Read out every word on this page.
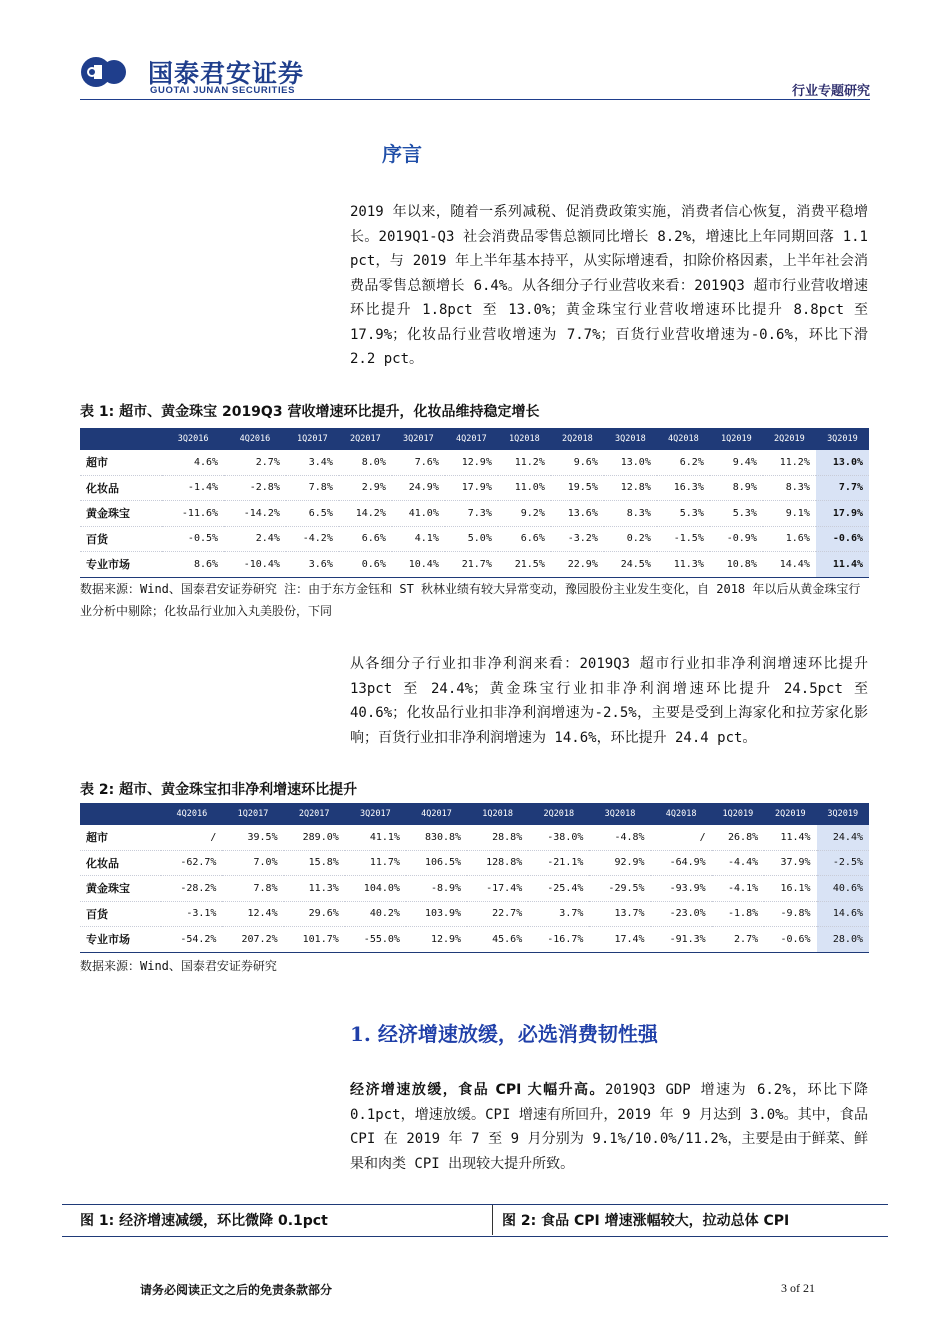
国泰君安证券
GUOTAI JUNAN SECURITIES	行业专题研究
序言
2019 年以来，随着一系列减税、促消费政策实施，消费者信心恢复，消费平稳增长。2019Q1-Q3 社会消费品零售总额同比增长 8.2%，增速比上年同期回落 1.1 pct，与 2019 年上半年基本持平，从实际增速看，扣除价格因素，上半年社会消费品零售总额增长 6.4%。从各细分子行业营收来看：2019Q3 超市行业营收增速环比提升 1.8pct 至 13.0%；黄金珠宝行业营收增速环比提升 8.8pct 至 17.9%；化妆品行业营收增速为 7.7%；百货行业营收增速为-0.6%，环比下滑 2.2 pct。
表 1: 超市、黄金珠宝 2019Q3 营收增速环比提升，化妆品维持稳定增长
	3Q2016	4Q2016	1Q2017	2Q2017	3Q2017	4Q2017	1Q2018	2Q2018	3Q2018	4Q2018	1Q2019	2Q2019	3Q2019
超市	4.6%	2.7%	3.4%	8.0%	7.6%	12.9%	11.2%	9.6%	13.0%	6.2%	9.4%	11.2%	13.0%
化妆品	-1.4%	-2.8%	7.8%	2.9%	24.9%	17.9%	11.0%	19.5%	12.8%	16.3%	8.9%	8.3%	7.7%
黄金珠宝	-11.6%	-14.2%	6.5%	14.2%	41.0%	7.3%	9.2%	13.6%	8.3%	5.3%	5.3%	9.1%	17.9%
百货	-0.5%	2.4%	-4.2%	6.6%	4.1%	5.0%	6.6%	-3.2%	0.2%	-1.5%	-0.9%	1.6%	-0.6%
专业市场	8.6%	-10.4%	3.6%	0.6%	10.4%	21.7%	21.5%	22.9%	24.5%	11.3%	10.8%	14.4%	11.4%
数据来源：Wind、国泰君安证券研究 注：由于东方金钰和 ST 秋林业绩有较大异常变动，豫园股份主业发生变化，自 2018 年以后从黄金珠宝行业分析中剔除；化妆品行业加入丸美股份，下同
从各细分子行业扣非净利润来看：2019Q3 超市行业扣非净利润增速环比提升 13pct 至 24.4%；黄金珠宝行业扣非净利润增速环比提升 24.5pct 至 40.6%；化妆品行业扣非净利润增速为-2.5%，主要是受到上海家化和拉芳家化影响；百货行业扣非净利润增速为 14.6%，环比提升 24.4 pct。
表 2: 超市、黄金珠宝扣非净利增速环比提升
	4Q2016	1Q2017	2Q2017	3Q2017	4Q2017	1Q2018	2Q2018	3Q2018	4Q2018	1Q2019	2Q2019	3Q2019
超市	/	39.5%	289.0%	41.1%	830.8%	28.8%	-38.0%	-4.8%	/	26.8%	11.4%	24.4%
化妆品	-62.7%	7.0%	15.8%	11.7%	106.5%	128.8%	-21.1%	92.9%	-64.9%	-4.4%	37.9%	-2.5%
黄金珠宝	-28.2%	7.8%	11.3%	104.0%	-8.9%	-17.4%	-25.4%	-29.5%	-93.9%	-4.1%	16.1%	40.6%
百货	-3.1%	12.4%	29.6%	40.2%	103.9%	22.7%	3.7%	13.7%	-23.0%	-1.8%	-9.8%	14.6%
专业市场	-54.2%	207.2%	101.7%	-55.0%	12.9%	45.6%	-16.7%	17.4%	-91.3%	2.7%	-0.6%	28.0%
数据来源：Wind、国泰君安证券研究
1. 经济增速放缓，必选消费韧性强
经济增速放缓，食品 CPI 大幅升高。2019Q3 GDP 增速为 6.2%，环比下降 0.1pct，增速放缓。CPI 增速有所回升，2019 年 9 月达到 3.0%。其中，食品 CPI 在 2019 年 7 至 9 月分别为 9.1%/10.0%/11.2%，主要是由于鲜菜、鲜果和肉类 CPI 出现较大提升所致。
图 1: 经济增速减缓，环比微降 0.1pct	图 2: 食品 CPI 增速涨幅较大，拉动总体 CPI
请务必阅读正文之后的免责条款部分	3 of 21
